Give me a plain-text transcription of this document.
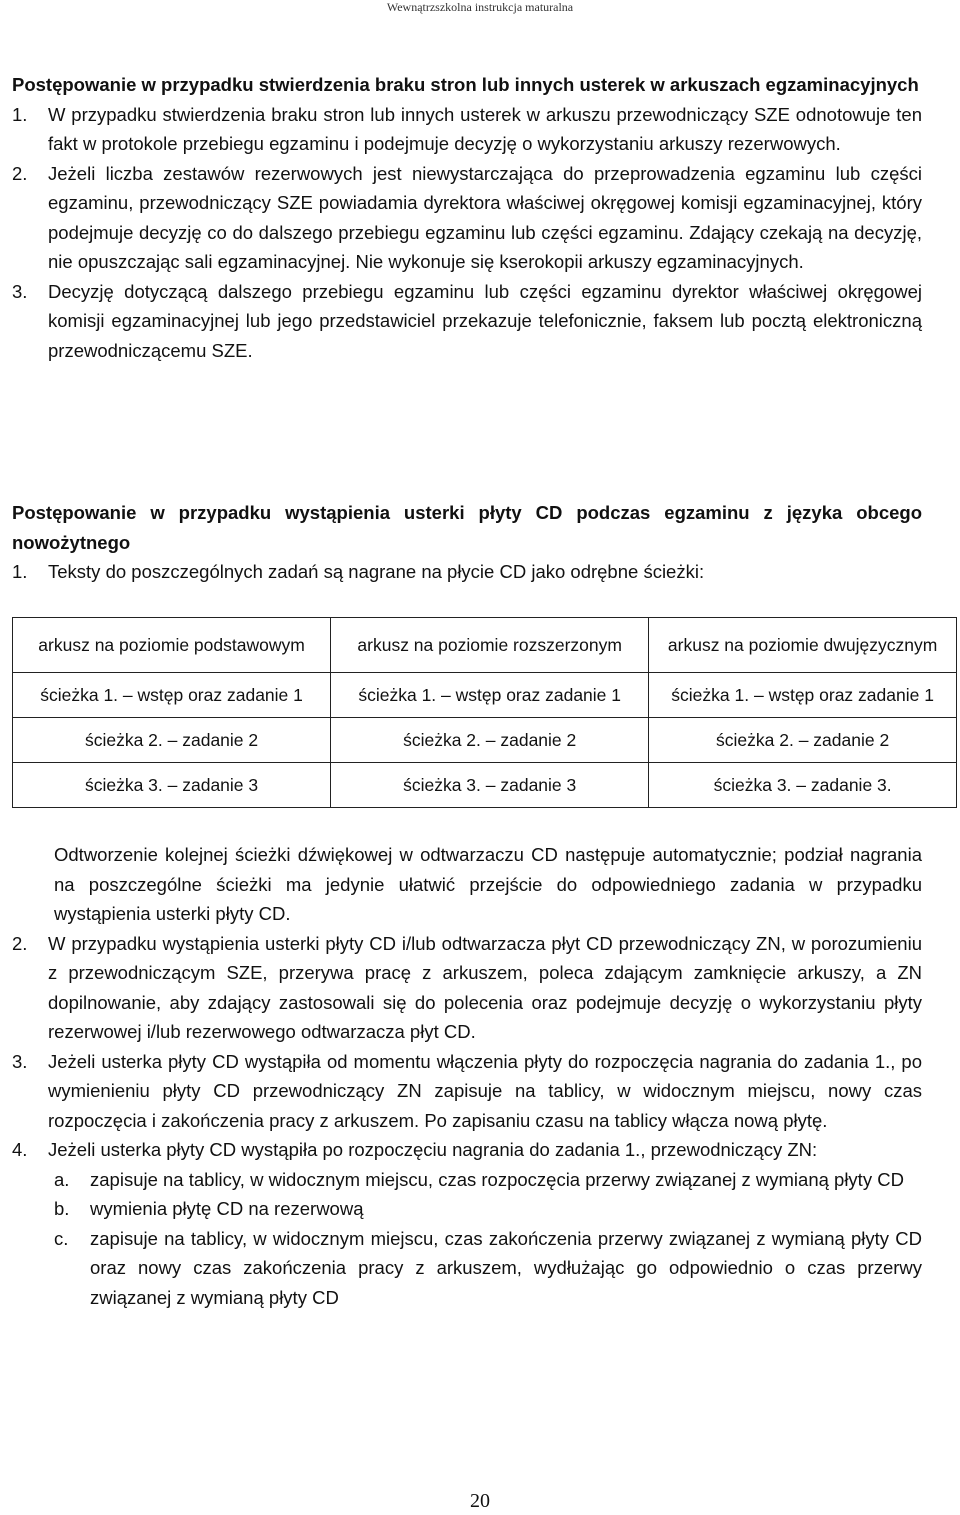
Wewnątrzszkolna instrukcja maturalna
Postępowanie w przypadku stwierdzenia braku stron lub innych usterek w arkuszach egzaminacyjnych
1. W przypadku stwierdzenia braku stron lub innych usterek w arkuszu przewodniczący SZE odnotowuje ten fakt w protokole przebiegu egzaminu i podejmuje decyzję o wykorzystaniu arkuszy rezerwowych.
2. Jeżeli liczba zestawów rezerwowych jest niewystarczająca do przeprowadzenia egzaminu lub części egzaminu, przewodniczący SZE powiadamia dyrektora właściwej okręgowej komisji egzaminacyjnej, który podejmuje decyzję co do dalszego przebiegu egzaminu lub części egzaminu. Zdający czekają na decyzję, nie opuszczając sali egzaminacyjnej. Nie wykonuje się kserokopii arkuszy egzaminacyjnych.
3. Decyzję dotyczącą dalszego przebiegu egzaminu lub części egzaminu dyrektor właściwej okręgowej komisji egzaminacyjnej lub jego przedstawiciel przekazuje telefonicznie, faksem lub pocztą elektroniczną przewodniczącemu SZE.
Postępowanie w przypadku wystąpienia usterki płyty CD podczas egzaminu z języka obcego nowożytnego
1. Teksty do poszczególnych zadań są nagrane na płycie CD jako odrębne ścieżki:
arkusz na poziomie podstawowym	arkusz na poziomie rozszerzonym	arkusz na poziomie dwujęzycznym
ścieżka 1. – wstęp oraz zadanie 1	ścieżka 1. – wstęp oraz zadanie 1	ścieżka 1. – wstęp oraz zadanie 1
ścieżka 2. – zadanie 2	ścieżka 2. – zadanie 2	ścieżka 2. – zadanie 2
ścieżka 3. – zadanie 3	ścieżka 3. – zadanie 3	ścieżka 3. – zadanie 3.
Odtworzenie kolejnej ścieżki dźwiękowej w odtwarzaczu CD następuje automatycznie; podział nagrania na poszczególne ścieżki ma jedynie ułatwić przejście do odpowiedniego zadania w przypadku wystąpienia usterki płyty CD.
2. W przypadku wystąpienia usterki płyty CD i/lub odtwarzacza płyt CD przewodniczący ZN, w porozumieniu z przewodniczącym SZE, przerywa pracę z arkuszem, poleca zdającym zamknięcie arkuszy, a ZN dopilnowanie, aby zdający zastosowali się do polecenia oraz podejmuje decyzję o wykorzystaniu płyty rezerwowej i/lub rezerwowego odtwarzacza płyt CD.
3. Jeżeli usterka płyty CD wystąpiła od momentu włączenia płyty do rozpoczęcia nagrania do zadania 1., po wymienieniu płyty CD przewodniczący ZN zapisuje na tablicy, w widocznym miejscu, nowy czas rozpoczęcia i zakończenia pracy z arkuszem. Po zapisaniu czasu na tablicy włącza nową płytę.
4. Jeżeli usterka płyty CD wystąpiła po rozpoczęciu nagrania do zadania 1., przewodniczący ZN:
a. zapisuje na tablicy, w widocznym miejscu, czas rozpoczęcia przerwy związanej z wymianą płyty CD
b. wymienia płytę CD na rezerwową
c. zapisuje na tablicy, w widocznym miejscu, czas zakończenia przerwy związanej z wymianą płyty CD oraz nowy czas zakończenia pracy z arkuszem, wydłużając go odpowiednio o czas przerwy związanej z wymianą płyty CD
20
